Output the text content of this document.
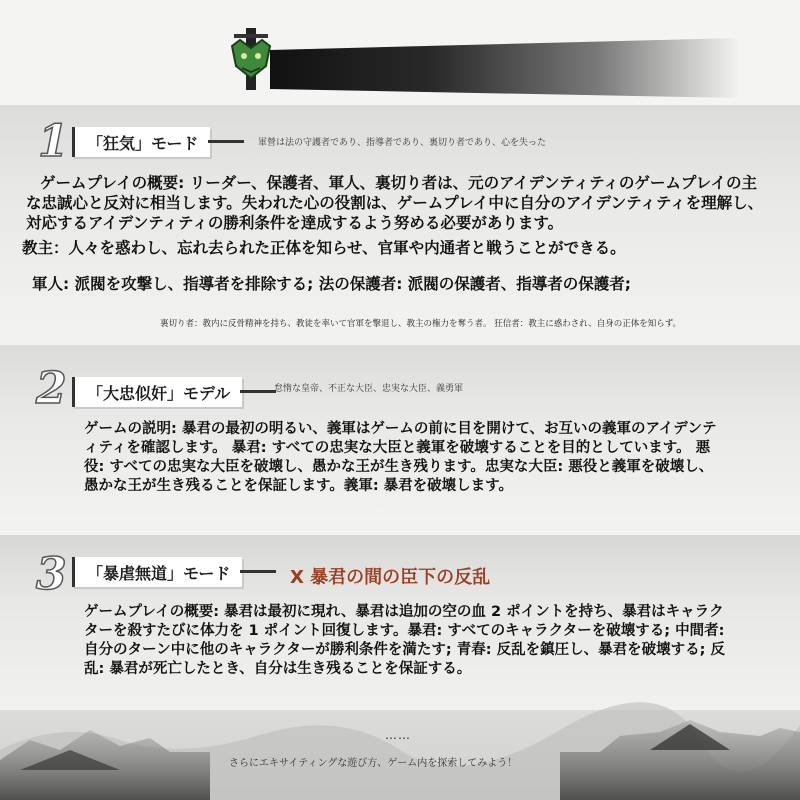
1 「狂気」モード	軍營は法の守護者であり、指導者であり、裏切り者であり、心を失った
ゲームプレイの概要: リーダー、保護者、軍人、裏切り者は、元のアイデンティティのゲームプレイの主な忠誠心と反対に相当します。失われた心の役割は、ゲームプレイ中に自分のアイデンティティを理解し、対応するアイデンティティの勝利条件を達成するよう努める必要があります。
教主：人々を惑わし、忘れ去られた正体を知らせ、官軍や内通者と戦うことができる。
軍人: 派閥を攻撃し、指導者を排除する; 法の保護者: 派閥の保護者、指導者の保護者;
裏切り者：教内に反骨精神を持ち、教徒を率いて官軍を撃退し、教主の権力を奪う者。 狂信者：教主に惑わされ、自身の正体を知らず。
2 「大忠似奸」モデル	怠惰な皇帝、不正な大臣、忠実な大臣、義勇軍
ゲームの説明: 暴君の最初の明るい、義軍はゲームの前に目を開けて、お互いの義軍のアイデンティティを確認します。 暴君: すべての忠実な大臣と義軍を破壊することを目的としています。 悪役: すべての忠実な大臣を破壊し、愚かな王が生き残ります。忠実な大臣: 悪役と義軍を破壊し、愚かな王が生き残ることを保証します。義軍: 暴君を破壊します。
3 「暴虐無道」モード	X 暴君の間の臣下の反乱
ゲームプレイの概要: 暴君は最初に現れ、暴君は追加の空の血 2 ポイントを持ち、暴君はキャラクターを殺すたびに体力を 1 ポイント回復します。暴君: すべてのキャラクターを破壊する; 中間者: 自分のターン中に他のキャラクターが勝利条件を満たす; 青春: 反乱を鎮圧し、暴君を破壊する; 反乱: 暴君が死亡したとき、自分は生き残ることを保証する。
……
さらにエキサイティングな遊び方、ゲーム内を探索してみよう！
